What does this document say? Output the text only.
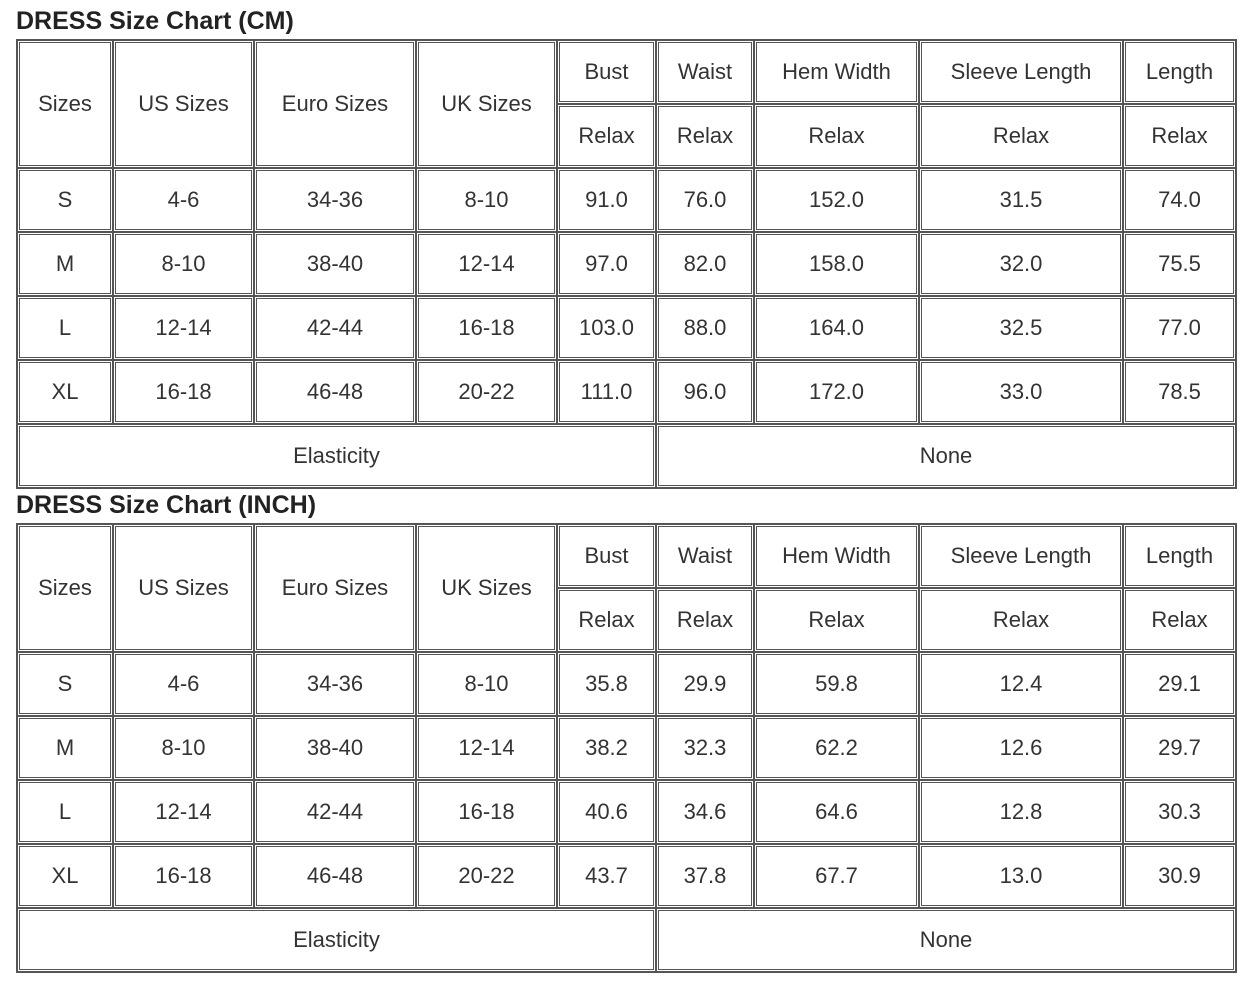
DRESS Size Chart (CM)
Sizes	US Sizes	Euro Sizes	UK Sizes	Bust	Waist	Hem Width	Sleeve Length	Length
				Relax	Relax	Relax	Relax	Relax
S	4-6	34-36	8-10	91.0	76.0	152.0	31.5	74.0
M	8-10	38-40	12-14	97.0	82.0	158.0	32.0	75.5
L	12-14	42-44	16-18	103.0	88.0	164.0	32.5	77.0
XL	16-18	46-48	20-22	111.0	96.0	172.0	33.0	78.5
Elasticity					None			
DRESS Size Chart (INCH)
Sizes	US Sizes	Euro Sizes	UK Sizes	Bust	Waist	Hem Width	Sleeve Length	Length
				Relax	Relax	Relax	Relax	Relax
S	4-6	34-36	8-10	35.8	29.9	59.8	12.4	29.1
M	8-10	38-40	12-14	38.2	32.3	62.2	12.6	29.7
L	12-14	42-44	16-18	40.6	34.6	64.6	12.8	30.3
XL	16-18	46-48	20-22	43.7	37.8	67.7	13.0	30.9
Elasticity					None			
